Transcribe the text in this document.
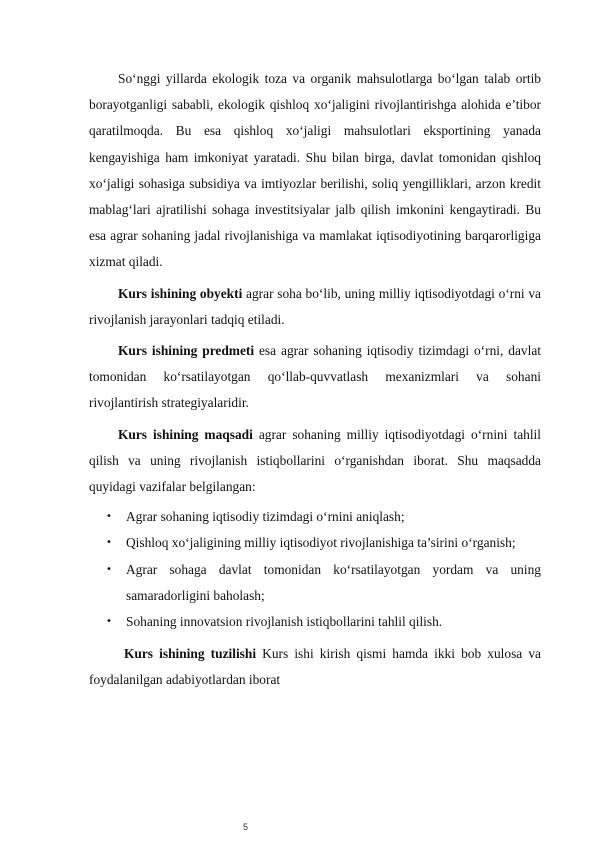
So‘nggi yillarda ekologik toza va organik mahsulotlarga bo‘lgan talab ortib borayotganligi sababli, ekologik qishloq xo‘jaligini rivojlantirishga alohida e’tibor qaratilmoqda. Bu esa qishloq xo‘jaligi mahsulotlari eksportining yanada kengayishiga ham imkoniyat yaratadi. Shu bilan birga, davlat tomonidan qishloq xo‘jaligi sohasiga subsidiya va imtiyozlar berilishi, soliq yengilliklari, arzon kredit mablag‘lari ajratilishi sohaga investitsiyalar jalb qilish imkonini kengaytiradi. Bu esa agrar sohaning jadal rivojlanishiga va mamlakat iqtisodiyotining barqarorligiga xizmat qiladi.

Kurs ishining obyekti agrar soha bo‘lib, uning milliy iqtisodiyotdagi o‘rni va rivojlanish jarayonlari tadqiq etiladi.

Kurs ishining predmeti esa agrar sohaning iqtisodiy tizimdagi o‘rni, davlat tomonidan ko‘rsatilayotgan qo‘llab-quvvatlash mexanizmlari va sohani rivojlantirish strategiyalaridir.

Kurs ishining maqsadi agrar sohaning milliy iqtisodiyotdagi o‘rnini tahlil qilish va uning rivojlanish istiqbollarini o‘rganishdan iborat. Shu maqsadda quyidagi vazifalar belgilangan:

• Agrar sohaning iqtisodiy tizimdagi o‘rnini aniqlash;
• Qishloq xo‘jaligining milliy iqtisodiyot rivojlanishiga ta’sirini o‘rganish;
• Agrar sohaga davlat tomonidan ko‘rsatilayotgan yordam va uning samaradorligini baholash;
• Sohaning innovatsion rivojlanish istiqbollarini tahlil qilish.

Kurs ishining tuzilishi Kurs ishi kirish qismi hamda ikki bob xulosa va foydalanilgan adabiyotlardan iborat

5
